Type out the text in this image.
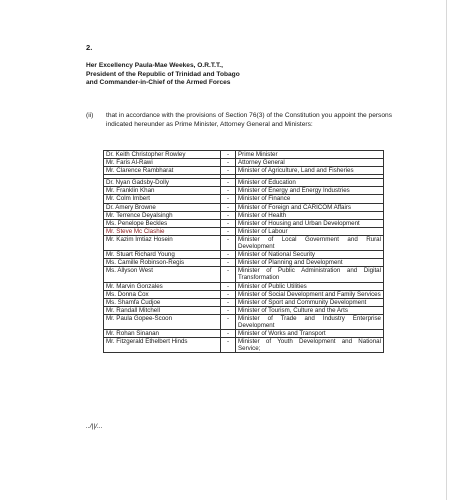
2.
Her Excellency Paula-Mae Weekes, O.R.T.T.,
President of the Republic of Trinidad and Tobago
and Commander-in-Chief of the Armed Forces
(ii) that in accordance with the provisions of Section 76(3) of the Constitution you appoint the persons indicated hereunder as Prime Minister, Attorney General and Ministers:
Dr. Keith Christopher Rowley	-	Prime Minister
Mr. Faris Al-Rawi	-	Attorney General
Mr. Clarence Rambharat	-	Minister of Agriculture, Land and Fisheries

Dr. Nyan Gadsby-Dolly	-	Minister of Education
Mr. Franklin Khan	-	Minister of Energy and Energy Industries
Mr. Colm Imbert	-	Minister of Finance
Dr. Amery Browne	-	Minister of Foreign and CARICOM Affairs
Mr. Terrence Deyalsingh	-	Minister of Health
Ms. Penelope Beckles	-	Minister of Housing and Urban Development
Mr. Steve Mc Clashie	-	Minister of Labour
Mr. Kazim Imtiaz Hosein	-	Minister of Local Government and Rural Development
Mr. Stuart Richard Young	-	Minister of National Security
Ms. Camille Robinson-Regis	-	Minister of Planning and Development
Ms. Allyson West	-	Minister of Public Administration and Digital Transformation
Mr. Marvin Gonzales	-	Minister of Public Utilities
Ms. Donna Cox	-	Minister of Social Development and Family Services
Ms. Shamfa Cudjoe	-	Minister of Sport and Community Development
Mr. Randall Mitchell	-	Minister of Tourism, Culture and the Arts
Mr. Paula Gopee-Scoon	-	Minister of Trade and Industry Enterprise Development
Mr. Rohan Sinanan	-	Minister of Works and Transport
Mr. Fitzgerald Ethelbert Hinds	-	Minister of Youth Development and National Service;
../||/...
